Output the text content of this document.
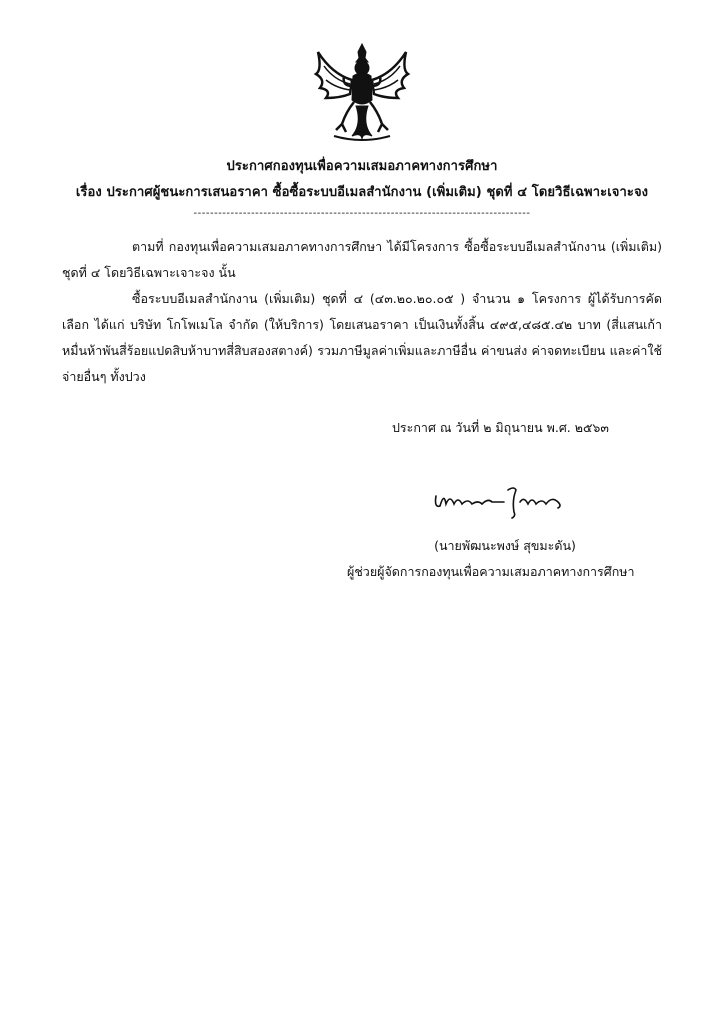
ประกาศกองทุนเพื่อความเสมอภาคทางการศึกษา
เรื่อง ประกาศผู้ชนะการเสนอราคา ซื้อซื้อระบบอีเมลสำนักงาน (เพิ่มเติม) ชุดที่ ๔ โดยวิธีเฉพาะเจาะจง
----------------------------------------------------------------------------------
ตามที่ กองทุนเพื่อความเสมอภาคทางการศึกษา ได้มีโครงการ ซื้อซื้อระบบอีเมลสำนักงาน (เพิ่มเติม) ชุดที่ ๔ โดยวิธีเฉพาะเจาะจง นั้น
ซื้อระบบอีเมลสำนักงาน (เพิ่มเติม) ชุดที่ ๔ (๔๓.๒๐.๒๐.๐๕ ) จำนวน ๑ โครงการ ผู้ได้รับการคัดเลือก ได้แก่ บริษัท โกโพเมโล จำกัด (ให้บริการ) โดยเสนอราคา เป็นเงินทั้งสิ้น ๔๙๕,๔๘๕.๔๒ บาท (สี่แสนเก้าหมื่นห้าพันสี่ร้อยแปดสิบห้าบาทสี่สิบสองสตางค์) รวมภาษีมูลค่าเพิ่มและภาษีอื่น ค่าขนส่ง ค่าจดทะเบียน และค่าใช้จ่ายอื่นๆ ทั้งปวง
ประกาศ ณ วันที่ ๒ มิถุนายน พ.ศ. ๒๕๖๓
(นายพัฒนะพงษ์ สุขมะดัน)
ผู้ช่วยผู้จัดการกองทุนเพื่อความเสมอภาคทางการศึกษา
